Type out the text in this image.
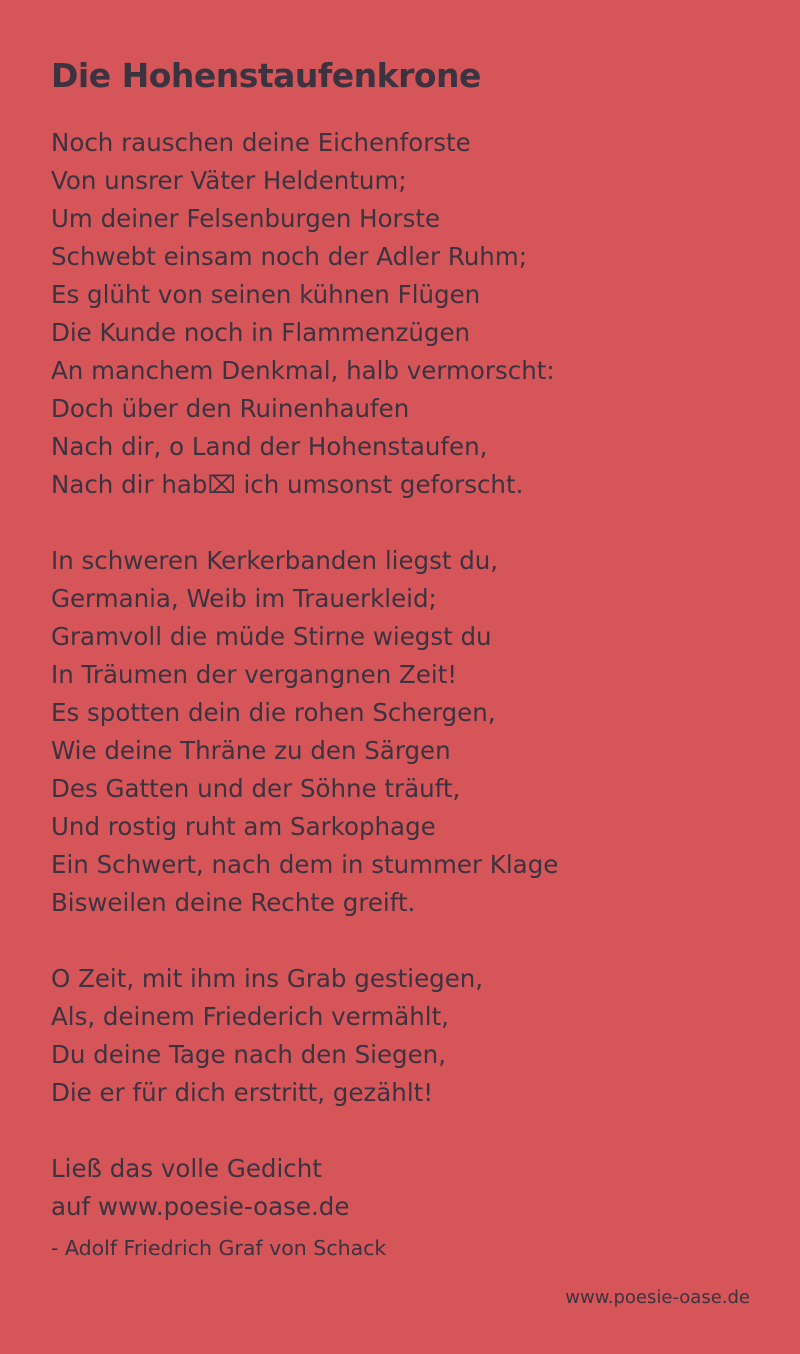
Die Hohenstaufenkrone
Noch rauschen deine Eichenforste
Von unsrer Väter Heldentum;
Um deiner Felsenburgen Horste
Schwebt einsam noch der Adler Ruhm;
Es glüht von seinen kühnen Flügen
Die Kunde noch in Flammenzügen
An manchem Denkmal, halb vermorscht:
Doch über den Ruinenhaufen
Nach dir, o Land der Hohenstaufen,
Nach dir hab⌧ ich umsonst geforscht.
In schweren Kerkerbanden liegst du,
Germania, Weib im Trauerkleid;
Gramvoll die müde Stirne wiegst du
In Träumen der vergangnen Zeit!
Es spotten dein die rohen Schergen,
Wie deine Thräne zu den Särgen
Des Gatten und der Söhne träuft,
Und rostig ruht am Sarkophage
Ein Schwert, nach dem in stummer Klage
Bisweilen deine Rechte greift.
O Zeit, mit ihm ins Grab gestiegen,
Als, deinem Friederich vermählt,
Du deine Tage nach den Siegen,
Die er für dich erstritt, gezählt!
Ließ das volle Gedicht
auf www.poesie-oase.de
- Adolf Friedrich Graf von Schack
www.poesie-oase.de
